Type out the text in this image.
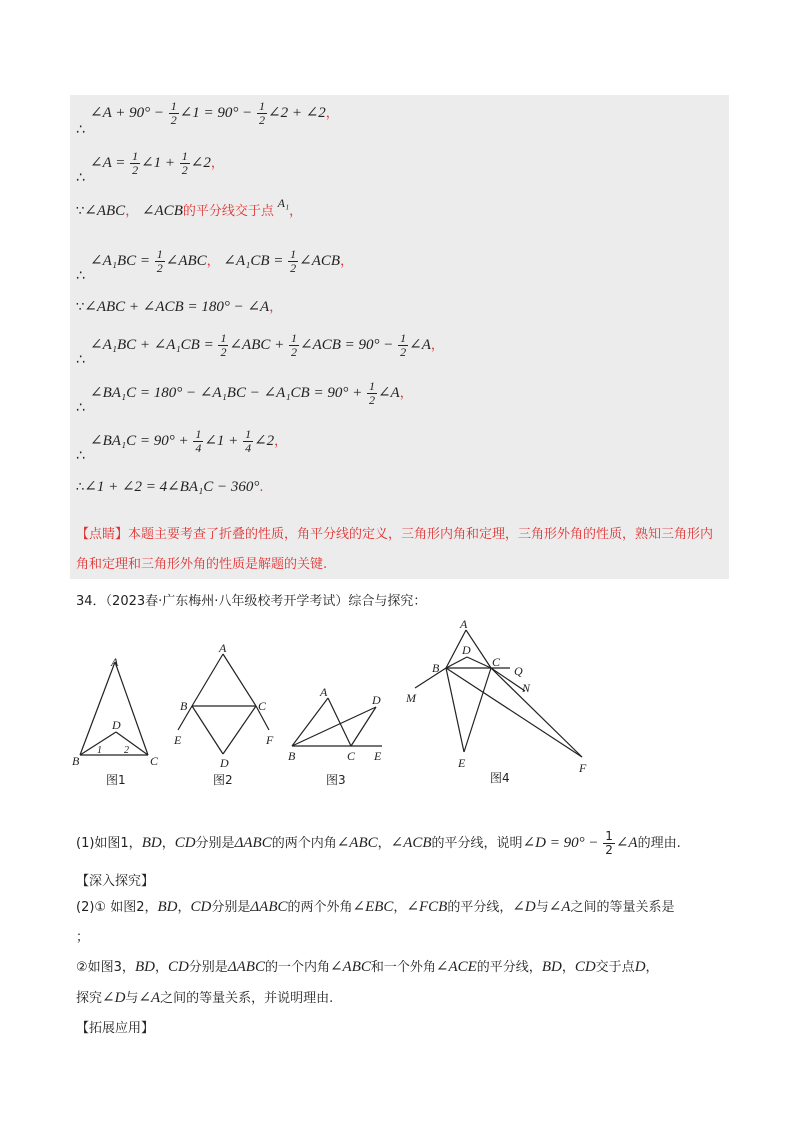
∠A + $90^\circ - \frac{1}{2}$ ∠1 = $90^\circ - \frac{1}{2}$ ∠2 + ∠2，
∴
∠A = $\frac{1}{2}$ ∠1 + $\frac{1}{2}$ ∠2，
∴
∵∠ABC， ∠ACB的平分线交于点 $^{A_1}$，
∠A₁BC = $\frac{1}{2}$ ∠ABC， ∠A₁CB = $\frac{1}{2}$ ∠ACB，
∴
∵∠ABC + ∠ACB = 180° − ∠A，
∠A₁BC + ∠A₁CB = $\frac{1}{2}$ ∠ABC + $\frac{1}{2}$ ∠ACB = $90^\circ - \frac{1}{2}$ ∠A，
∴
∠BA₁C = 180° − ∠A₁BC − ∠A₁CB = $90^\circ + \frac{1}{2}$ ∠A，
∴
∠BA₁C = $90^\circ + \frac{1}{4}$ ∠1 + $\frac{1}{4}$ ∠2，
∴
∴∠1 + ∠2 = 4∠BA₁C − 360°.
【点睛】本题主要考查了折叠的性质，角平分线的定义，三角形内角和定理，三角形外角的性质，熟知三角形内角和定理和三角形外角的性质是解题的关键.
34．（2023春·广东梅州·八年级校考开学考试）综合与探究：
A
B	C
D
1 2
图1
A
B	C
D
E	F
图2
A
B	C
D
E
图3
A
B	C
D
M
N
Q
E	F
图4
(1)如图1，BD，CD分别是ΔABC的两个内角∠ABC，∠ACB的平分线，说明∠D = $90^\circ - \frac{1}{2}$ ∠A的理由.
【深入探究】
(2)① 如图2，BD，CD分别是ΔABC的两个外角∠EBC，∠FCB的平分线，∠D与∠A之间的等量关系是
；
②如图3，BD，CD分别是ΔABC的一个内角∠ABC和一个外角∠ACE的平分线，BD，CD交于点D，
探究∠D与∠A之间的等量关系，并说明理由.
【拓展应用】
